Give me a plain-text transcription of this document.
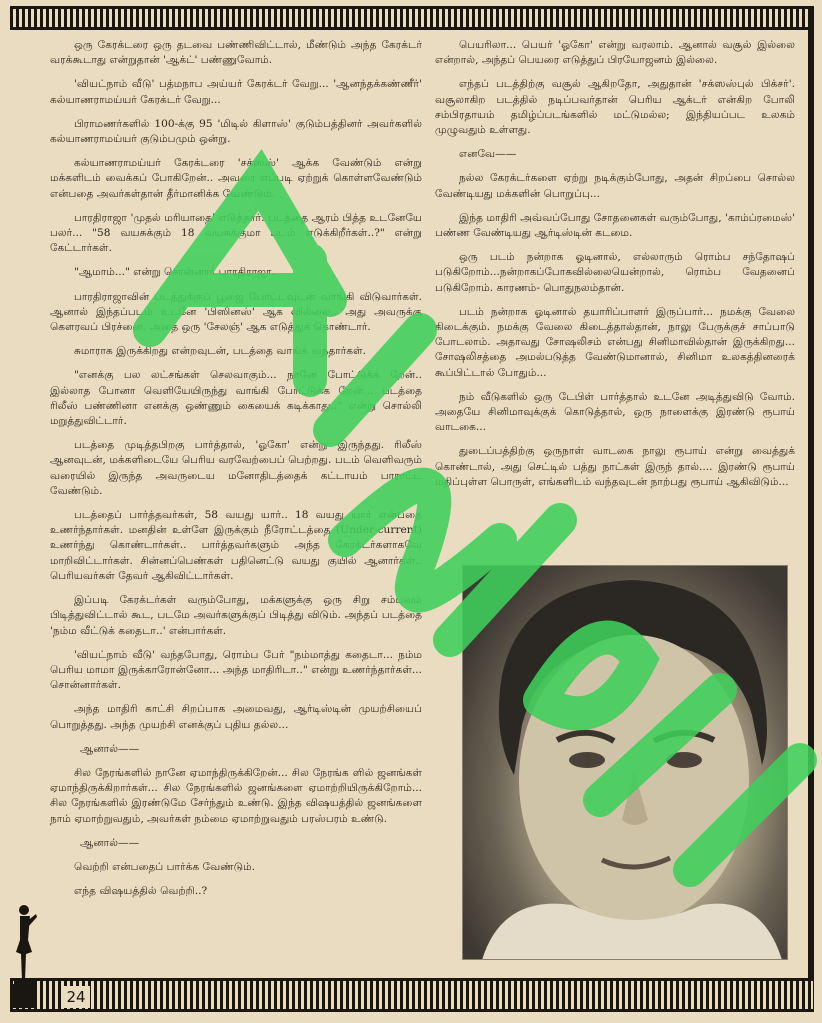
24

ஒரு கேரக்டரை ஒரு தடவை பண்ணிவிட்டால், மீண்டும் அந்த கேரக்டர் வரக்கூடாது என்றுதான் 'ஆக்ட்' பண்ணுவோம்.

'வியட்நாம் வீடு' பத்மநாப அய்யர் கேரக்டர் வேறு... 'ஆனந்தக்கண்ணீர்' கல்யாணராமய்யர் கேரக்டர் வேறு...

பிராமணர்களில் 100-க்கு 95 'மிடில் கிளாஸ்' குடும்பத்தினர் அவர்களில் கல்யாணராமய்யர் குடும்பமும் ஒன்று.

கல்யாணராமய்யர் கேரக்டரை 'சக்ஸஸ்' ஆக்க வேண்டும் என்று மக்களிடம் வைக்கப் போகிறேன்.. அவரை எப்படி ஏற்றுக் கொள்ளவேண்டும் என்பதை அவர்கள்தான் தீர்மானிக்க வேண்டும்.

பாரதிராஜா 'முதல் மரியாதை' எடுத்தார். படத்தை ஆரம் பித்த உடனேயே பலர்... "58 வயசுக்கும் 18 வயசுக்குமா படம் எடுக்கிறீர்கள்..?" என்று கேட்டார்கள்.

"ஆமாம்..." என்று சொன்னார் பாரதிராஜா.

பாரதிராஜாவின் படத்துக்குப் பூஜை போட்டவுடன் வாங்கி விடுவார்கள். ஆனால் இந்தப்படம் உடனே 'பிஸினஸ்' ஆக வில்லை.. அது அவருக்கு கௌரவப் பிரச்னை. அதை ஒரு 'சேலஞ்' ஆக எடுத்துக் கொண்டார்.

சுமாராக இருக்கிறது என்றவுடன், படத்தை வாங்க வந்தார்கள்.

"எனக்கு பல லட்சங்கள் செலவாகும்... நானே போட்டுக்க றேன்.. இல்லாத போனா வெளியேயிருந்து வாங்கி போட்டுக்க றேன்... படத்தை ரிலீஸ் பண்ணினா எனக்கு ஒண்ணும் கையைக் கடிக்காது.." என்று சொல்லி மறுத்துவிட்டார்.

படத்தை முடித்தபிறகு பார்த்தால், 'ஓகோ' என்று இருந்தது. ரிலீஸ் ஆனவுடன், மக்களிடையே பெரிய வரவேற்பைப் பெற்றது. படம் வெளிவரும் வரையில் இருந்த அவருடைய மனோதிடத்தைக் கட்டாயம் பாராட்ட வேண்டும்.

படத்தைப் பார்த்தவர்கள், 58 வயது யார்.. 18 வயது யார் என்பதை உணர்ந்தார்கள். மனதின் உள்ளே இருக்கும் நீரோட்டத்தை (Under-current) உணர்ந்து கொண்டார்கள்.. பார்த்தவர்களும் அந்த கேரக்டர்களாகவே மாறிவிட்டார்கள். சின்னப்பெண்கள் பதினெட்டு வயது குயில் ஆனார்கள்.. பெரியவர்கள் தேவர் ஆகிவிட்டார்கள்.

இப்படி கேரக்டர்கள் வரும்போது, மக்களுக்கு ஒரு சிறு சம்பவம் பிடித்துவிட்டால் கூட, படமே அவர்களுக்குப் பிடித்து விடும். அந்தப் படத்தை 'நம்ம வீட்டுக் கதைடா..' என்பார்கள்.

'வியட்நாம் வீடு' வந்தபோது, ரொம்ப பேர் "நம்மாத்து கதைடா... நம்ம பெரிய மாமா இருக்காரோன்னோ... அந்த மாதிரிடா.." என்று உணர்ந்தார்கள்... சொன்னார்கள்.

அந்த மாதிரி காட்சி சிறப்பாக அமைவது, ஆர்டிஸ்டின் முயற்சியைப் பொறுத்தது. அந்த முயற்சி எனக்குப் புதிய தல்ல...

ஆனால்——

சில நேரங்களில் நானே ஏமாந்திருக்கிறேன்... சில நேரங்க ளில் ஜனங்கள் ஏமாந்திருக்கிறார்கள்... சில நேரங்களில் ஜனங்களை ஏமாற்றியிருக்கிறோம்... சில நேரங்களில் இரண்டுமே சேர்ந்தும் உண்டு. இந்த விஷயத்தில் ஜனங்களை நாம் ஏமாற்றுவதும், அவர்கள் நம்மை ஏமாற்றுவதும் பரஸ்பரம் உண்டு.

ஆனால்——

வெற்றி என்பதைப் பார்க்க வேண்டும்.

எந்த விஷயத்தில் வெற்றி..?

பெயரிலா... பெயர் 'ஓகோ' என்று வரலாம். ஆனால் வசூல் இல்லை என்றால், அந்தப் பெயரை எடுத்துப் பிரயோஜனம் இல்லை.

எந்தப் படத்திற்கு வசூல் ஆகிறதோ, அதுதான் 'சக்ஸஸ்புல் பிக்சர்'. வசூலாகிற படத்தில் நடிப்பவர்தான் பெரிய ஆக்டர் என்கிற போலி சம்பிரதாயம் தமிழ்ப்படங்களில் மட்டுமல்ல; இந்தியப்பட உலகம் முழுவதும் உள்ளது.

எனவே——

நல்ல கேரக்டர்களை ஏற்று நடிக்கும்போது, அதன் சிறப்பை சொல்ல வேண்டியது மக்களின் பொறுப்பு...

இந்த மாதிரி அவ்வப்போது சோதனைகள் வரும்போது, 'காம்ப்ரமைஸ்' பண்ண வேண்டியது ஆர்டிஸ்டின் கடமை.

ஒரு படம் நன்றாக ஓடினால், எல்லாரும் ரொம்ப சந்தோஷப் படுகிறோம்...நன்றாகப்போகவில்லையென்றால், ரொம்ப வேதனைப் படுகிறோம். காரணம்- பொதுநலம்தான்.

படம் நன்றாக ஓடினால் தயாரிப்பாளர் இருப்பார்... நமக்கு வேலை கிடைக்கும். நமக்கு வேலை கிடைத்தால்தான், நாலு பேருக்குச் சாப்பாடு போடலாம். அதாவது சோஷலிசம் என்பது சினிமாவில்தான் இருக்கிறது... சோஷலிசத்தை அமல்படுத்த வேண்டுமானால், சினிமா உலகத்தினரைக் கூப்பிட்டால் போதும்...

நம் வீடுகளில் ஒரு டேபிள் பார்த்தால் உடனே அடித்துவிடு வோம். அதையே சினிமாவுக்குக் கொடுத்தால், ஒரு நாளைக்கு இரண்டு ரூபாய் வாடகை...

துடைப்பத்திற்கு ஒருநாள் வாடகை நாலு ரூபாய் என்று வைத்துக் கொண்டால், அது செட்டில் பத்து நாட்கள் இருந் தால்.... இரண்டு ரூபாய் மதிப்புள்ள பொருள், எங்களிடம் வந்தவுடன் நாற்பது ரூபாய் ஆகிவிடும்...
